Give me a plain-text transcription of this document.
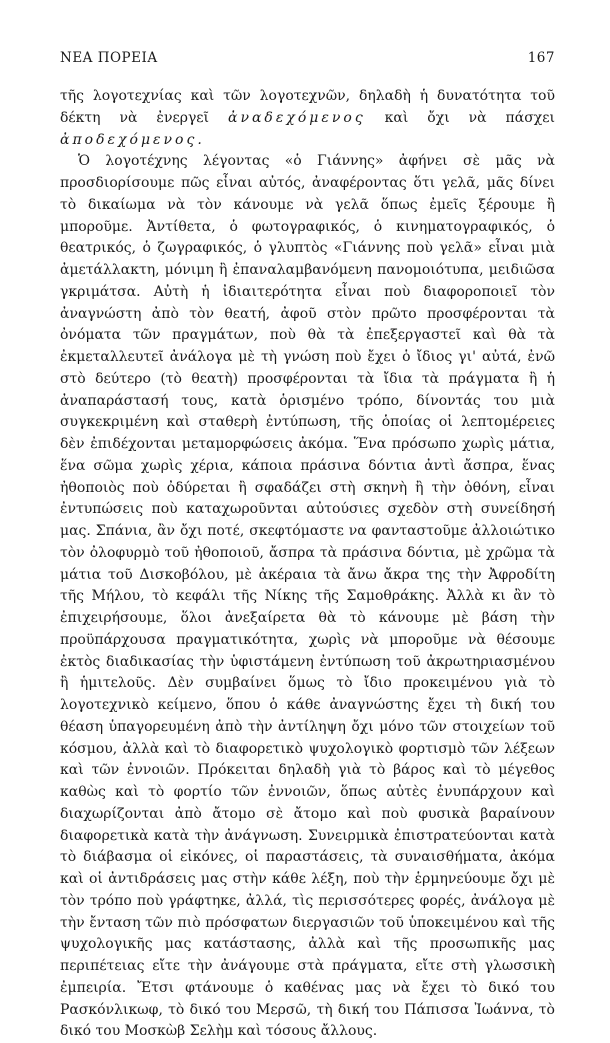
ΝΕΑ ΠΟΡΕΙΑ	167

τῆς λογοτεχνίας καὶ τῶν λογοτεχνῶν, δηλαδὴ ἡ δυνατότητα τοῦ δέκτη νὰ ἐνεργεῖ ἀναδεχόμενος καὶ ὄχι νὰ πάσχει ἀποδεχόμενος.

Ὁ λογοτέχνης λέγοντας «ὁ Γιάννης» ἀφήνει σὲ μᾶς νὰ προσδιορίσουμε πῶς εἶναι αὐτός, ἀναφέροντας ὅτι γελᾶ, μᾶς δίνει τὸ δικαίωμα νὰ τὸν κάνουμε νὰ γελᾶ ὅπως ἐμεῖς ξέρουμε ἢ μποροῦμε. Ἀντίθετα, ὁ φωτογραφικός, ὁ κινηματογραφικός, ὁ θεατρικός, ὁ ζωγραφικός, ὁ γλυπτὸς «Γιάννης ποὺ γελᾶ» εἶναι μιὰ ἀμετάλλακτη, μόνιμη ἢ ἐπαναλαμβανόμενη πανομοιότυπα, μειδιῶσα γκριμάτσα. Αὐτὴ ἡ ἰδιαιτερότητα εἶναι ποὺ διαφοροποιεῖ τὸν ἀναγνώστη ἀπὸ τὸν θεατή, ἀφοῦ στὸν πρῶτο προσφέρονται τὰ ὀνόματα τῶν πραγμάτων, ποὺ θὰ τὰ ἐπεξεργαστεῖ καὶ θὰ τὰ ἐκμεταλλευτεῖ ἀνάλογα μὲ τὴ γνώση ποὺ ἔχει ὁ ἴδιος γι' αὐτά, ἐνῶ στὸ δεύτερο (τὸ θεατὴ) προσφέρονται τὰ ἴδια τὰ πράγματα ἢ ἡ ἀναπαράστασή τους, κατὰ ὁρισμένο τρόπο, δίνοντάς του μιὰ συγκεκριμένη καὶ σταθερὴ ἐντύπωση, τῆς ὁποίας οἱ λεπτομέρειες δὲν ἐπιδέχονται μεταμορφώσεις ἀκόμα. Ἕνα πρόσωπο χωρὶς μάτια, ἕνα σῶμα χωρὶς χέρια, κάποια πράσινα δόντια ἀντὶ ἄσπρα, ἕνας ἠθοποιὸς ποὺ ὀδύρεται ἢ σφαδάζει στὴ σκηνὴ ἢ τὴν ὀθόνη, εἶναι ἐντυπώσεις ποὺ καταχωροῦνται αὐτούσιες σχεδὸν στὴ συνείδησή μας. Σπάνια, ἂν ὄχι ποτέ, σκεφτόμαστε να φανταστοῦμε ἀλλοιώτικο τὸν ὀλοφυρμὸ τοῦ ἠθοποιοῦ, ἄσπρα τὰ πράσινα δόντια, μὲ χρῶμα τὰ μάτια τοῦ Δισκοβόλου, μὲ ἀκέραια τὰ ἄνω ἄκρα της τὴν Ἀφροδίτη τῆς Μήλου, τὸ κεφάλι τῆς Νίκης τῆς Σαμοθράκης. Ἀλλὰ κι ἂν τὸ ἐπιχειρήσουμε, ὅλοι ἀνεξαίρετα θὰ τὸ κάνουμε μὲ βάση τὴν προϋπάρχουσα πραγματικότητα, χωρὶς νὰ μποροῦμε νὰ θέσουμε ἐκτὸς διαδικασίας τὴν ὑφιστάμενη ἐντύπωση τοῦ ἀκρωτηριασμένου ἢ ἡμιτελοῦς. Δὲν συμβαίνει ὅμως τὸ ἴδιο προκειμένου γιὰ τὸ λογοτεχνικὸ κείμενο, ὅπου ὁ κάθε ἀναγνώστης ἔχει τὴ δική του θέαση ὑπαγορευμένη ἀπὸ τὴν ἀντίληψη ὄχι μόνο τῶν στοιχείων τοῦ κόσμου, ἀλλὰ καὶ τὸ διαφορετικὸ ψυχολογικὸ φορτισμὸ τῶν λέξεων καὶ τῶν ἐννοιῶν. Πρόκειται δηλαδὴ γιὰ τὸ βάρος καὶ τὸ μέγεθος καθὼς καὶ τὸ φορτίο τῶν ἐννοιῶν, ὅπως αὐτὲς ἐνυπάρχουν καὶ διαχωρίζονται ἀπὸ ἄτομο σὲ ἄτομο καὶ ποὺ φυσικὰ βαραίνουν διαφορετικὰ κατὰ τὴν ἀνάγνωση. Συνειρμικὰ ἐπιστρατεύονται κατὰ τὸ διάβασμα οἱ εἰκόνες, οἱ παραστάσεις, τὰ συναισθήματα, ἀκόμα καὶ οἱ ἀντιδράσεις μας στὴν κάθε λέξη, ποὺ τὴν ἑρμηνεύουμε ὄχι μὲ τὸν τρόπο ποὺ γράφτηκε, ἀλλά, τὶς περισσότερες φορές, ἀνάλογα μὲ τὴν ἔνταση τῶν πιὸ πρόσφατων διεργασιῶν τοῦ ὑποκειμένου καὶ τῆς ψυχολογικῆς μας κατάστασης, ἀλλὰ καὶ τῆς προσωπικῆς μας περιπέτειας εἴτε τὴν ἀνάγουμε στὰ πράγματα, εἴτε στὴ γλωσσικὴ ἐμπειρία. Ἔτσι φτάνουμε ὁ καθένας μας νὰ ἔχει τὸ δικό του Ρασκόνλικωφ, τὸ δικό του Μερσῶ, τὴ δική του Πάπισσα Ἰωάννα, τὸ δικό του Μοσκὼβ Σελὴμ καὶ τόσους ἄλλους.
